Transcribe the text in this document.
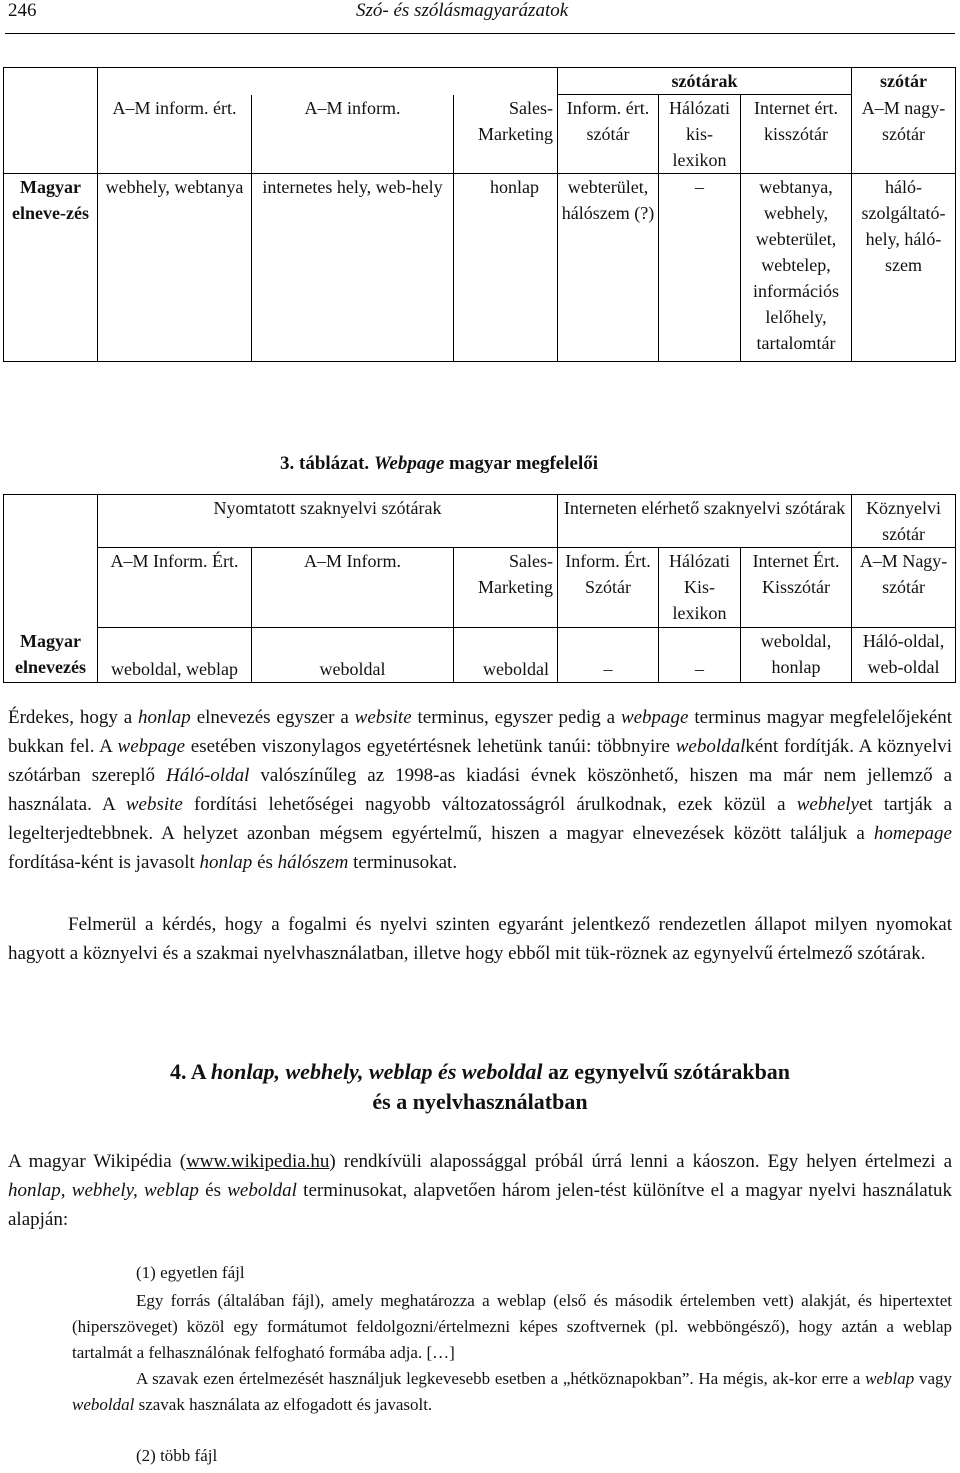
246	Szó- és szólásmagyarázatok
				szótárak			szótár
	A–M inform. ért.	A–M inform.	Sales-Marketing	Inform. ért. szótár	Hálózati kis-lexikon	Internet ért. kisszótár	A–M nagy-szótár
Magyar elneve-zés	webhely, webtanya	internetes hely, web-hely	honlap	webterület, hálószem (?)	–	webtanya, webhely, webterület, webtelep, információs lelőhely, tartalomtár	háló-szolgáltató-hely, háló-szem
3. táblázat. Webpage magyar megfelelői
	Nyomtatott szaknyelvi szótárak			Interneten elérhető szaknyelvi szótárak			Köznyelvi szótár
	A–M Inform. Ért.	A–M Inform.	Sales-Marketing	Inform. Ért. Szótár	Hálózati Kis-lexikon	Internet Ért. Kisszótár	A–M Nagy-szótár
Magyar elnevezés	weboldal, weblap	weboldal	weboldal	–	–	weboldal, honlap	Háló-oldal, web-oldal

Érdekes, hogy a honlap elnevezés egyszer a website terminus, egyszer pedig a webpage terminus magyar megfelelőjeként bukkan fel. A webpage esetében viszonylagos egyetértésnek lehetünk tanúi: többnyire weboldalként fordítják. A köznyelvi szótárban szereplő Háló-oldal valószínűleg az 1998-as kiadási évnek köszönhető, hiszen ma már nem jellemző a használata. A website fordítási lehetőségei nagyobb változatosságról árulkodnak, ezek közül a webhelyet tartják a legelterjedtebbnek. A helyzet azonban mégsem egyértelmű, hiszen a magyar elnevezések között találjuk a homepage fordítása-ként is javasolt honlap és hálószem terminusokat.

Felmerül a kérdés, hogy a fogalmi és nyelvi szinten egyaránt jelentkező rendezetlen állapot milyen nyomokat hagyott a köznyelvi és a szakmai nyelvhasználatban, illetve hogy ebből mit tük-röznek az egynyelvű értelmező szótárak.

4. A honlap, webhely, weblap és weboldal az egynyelvű szótárakban
és a nyelvhasználatban

A magyar Wikipédia (www.wikipedia.hu) rendkívüli alapossággal próbál úrrá lenni a káoszon. Egy helyen értelmezi a honlap, webhely, weblap és weboldal terminusokat, alapvetően három jelen-tést különítve el a magyar nyelvi használatuk alapján:

(1) egyetlen fájl

Egy forrás (általában fájl), amely meghatározza a weblap (első és második értelemben vett) alakját, és hipertextet (hiperszöveget) közöl egy formátumot feldolgozni/értelmezni képes szoftvernek (pl. webböngésző), hogy aztán a weblap tartalmát a felhasználónak felfogható formába adja. […]

A szavak ezen értelmezését használjuk legkevesebb esetben a „hétköznapokban”. Ha mégis, ak-kor erre a weblap vagy weboldal szavak használata az elfogadott és javasolt.

(2) több fájl
